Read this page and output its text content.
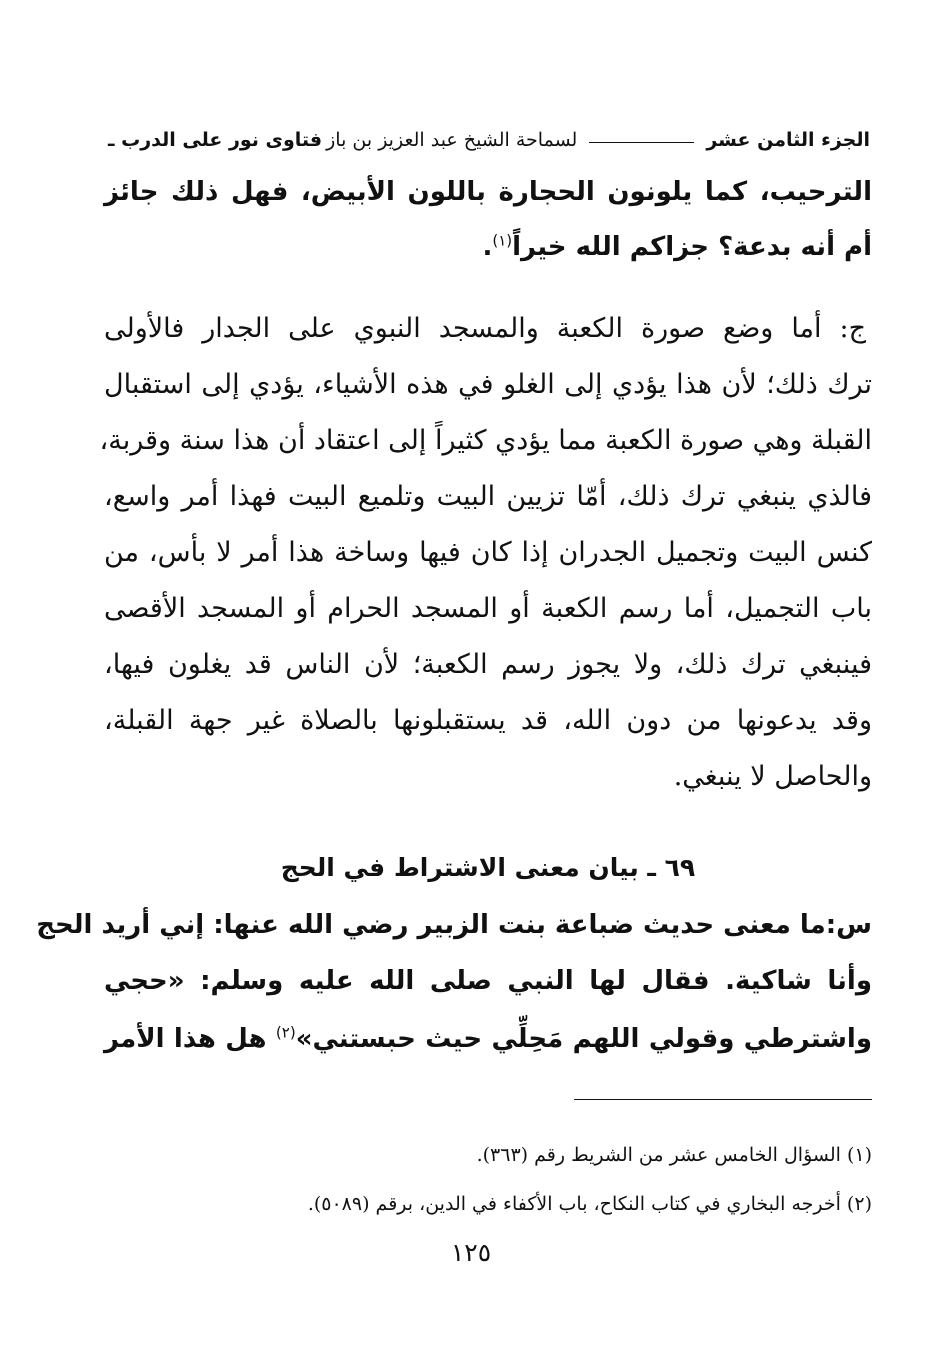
الجزء الثامن عشر
لسماحة الشيخ عبد العزيز بن باز
فتاوى نور على الدرب ـ
الترحيب، كما يلونون الحجارة باللون الأبيض، فهل ذلك جائز
أم أنه بدعة؟ جزاكم الله خيراً$^{(١)}$.
ج: أما وضع صورة الكعبة والمسجد النبوي على الجدار فالأولى
ترك ذلك؛ لأن هذا يؤدي إلى الغلو في هذه الأشياء، يؤدي إلى استقبال
القبلة وهي صورة الكعبة مما يؤدي كثيراً إلى اعتقاد أن هذا سنة وقربة،
فالذي ينبغي ترك ذلك، أمّا تزيين البيت وتلميع البيت فهذا أمر واسع،
كنس البيت وتجميل الجدران إذا كان فيها وساخة هذا أمر لا بأس، من
باب التجميل، أما رسم الكعبة أو المسجد الحرام أو المسجد الأقصى
فينبغي ترك ذلك، ولا يجوز رسم الكعبة؛ لأن الناس قد يغلون فيها،
وقد يدعونها من دون الله، قد يستقبلونها بالصلاة غير جهة القبلة،
والحاصل لا ينبغي.
٦٩ ـ بيان معنى الاشتراط في الحج
س:ما معنى حديث ضباعة بنت الزبير رضي الله عنها: إني أريد الحج
وأنا شاكية. فقال لها النبي صلى الله عليه وسلم: «حجي
واشترطي وقولي اللهم مَحِلِّي حيث حبستني»$^{(٢)}$ هل هذا الأمر
(١) السؤال الخامس عشر من الشريط رقم (٣٦٣).
(٢) أخرجه البخاري في كتاب النكاح، باب الأكفاء في الدين، برقم (٥٠٨٩).
١٢٥
